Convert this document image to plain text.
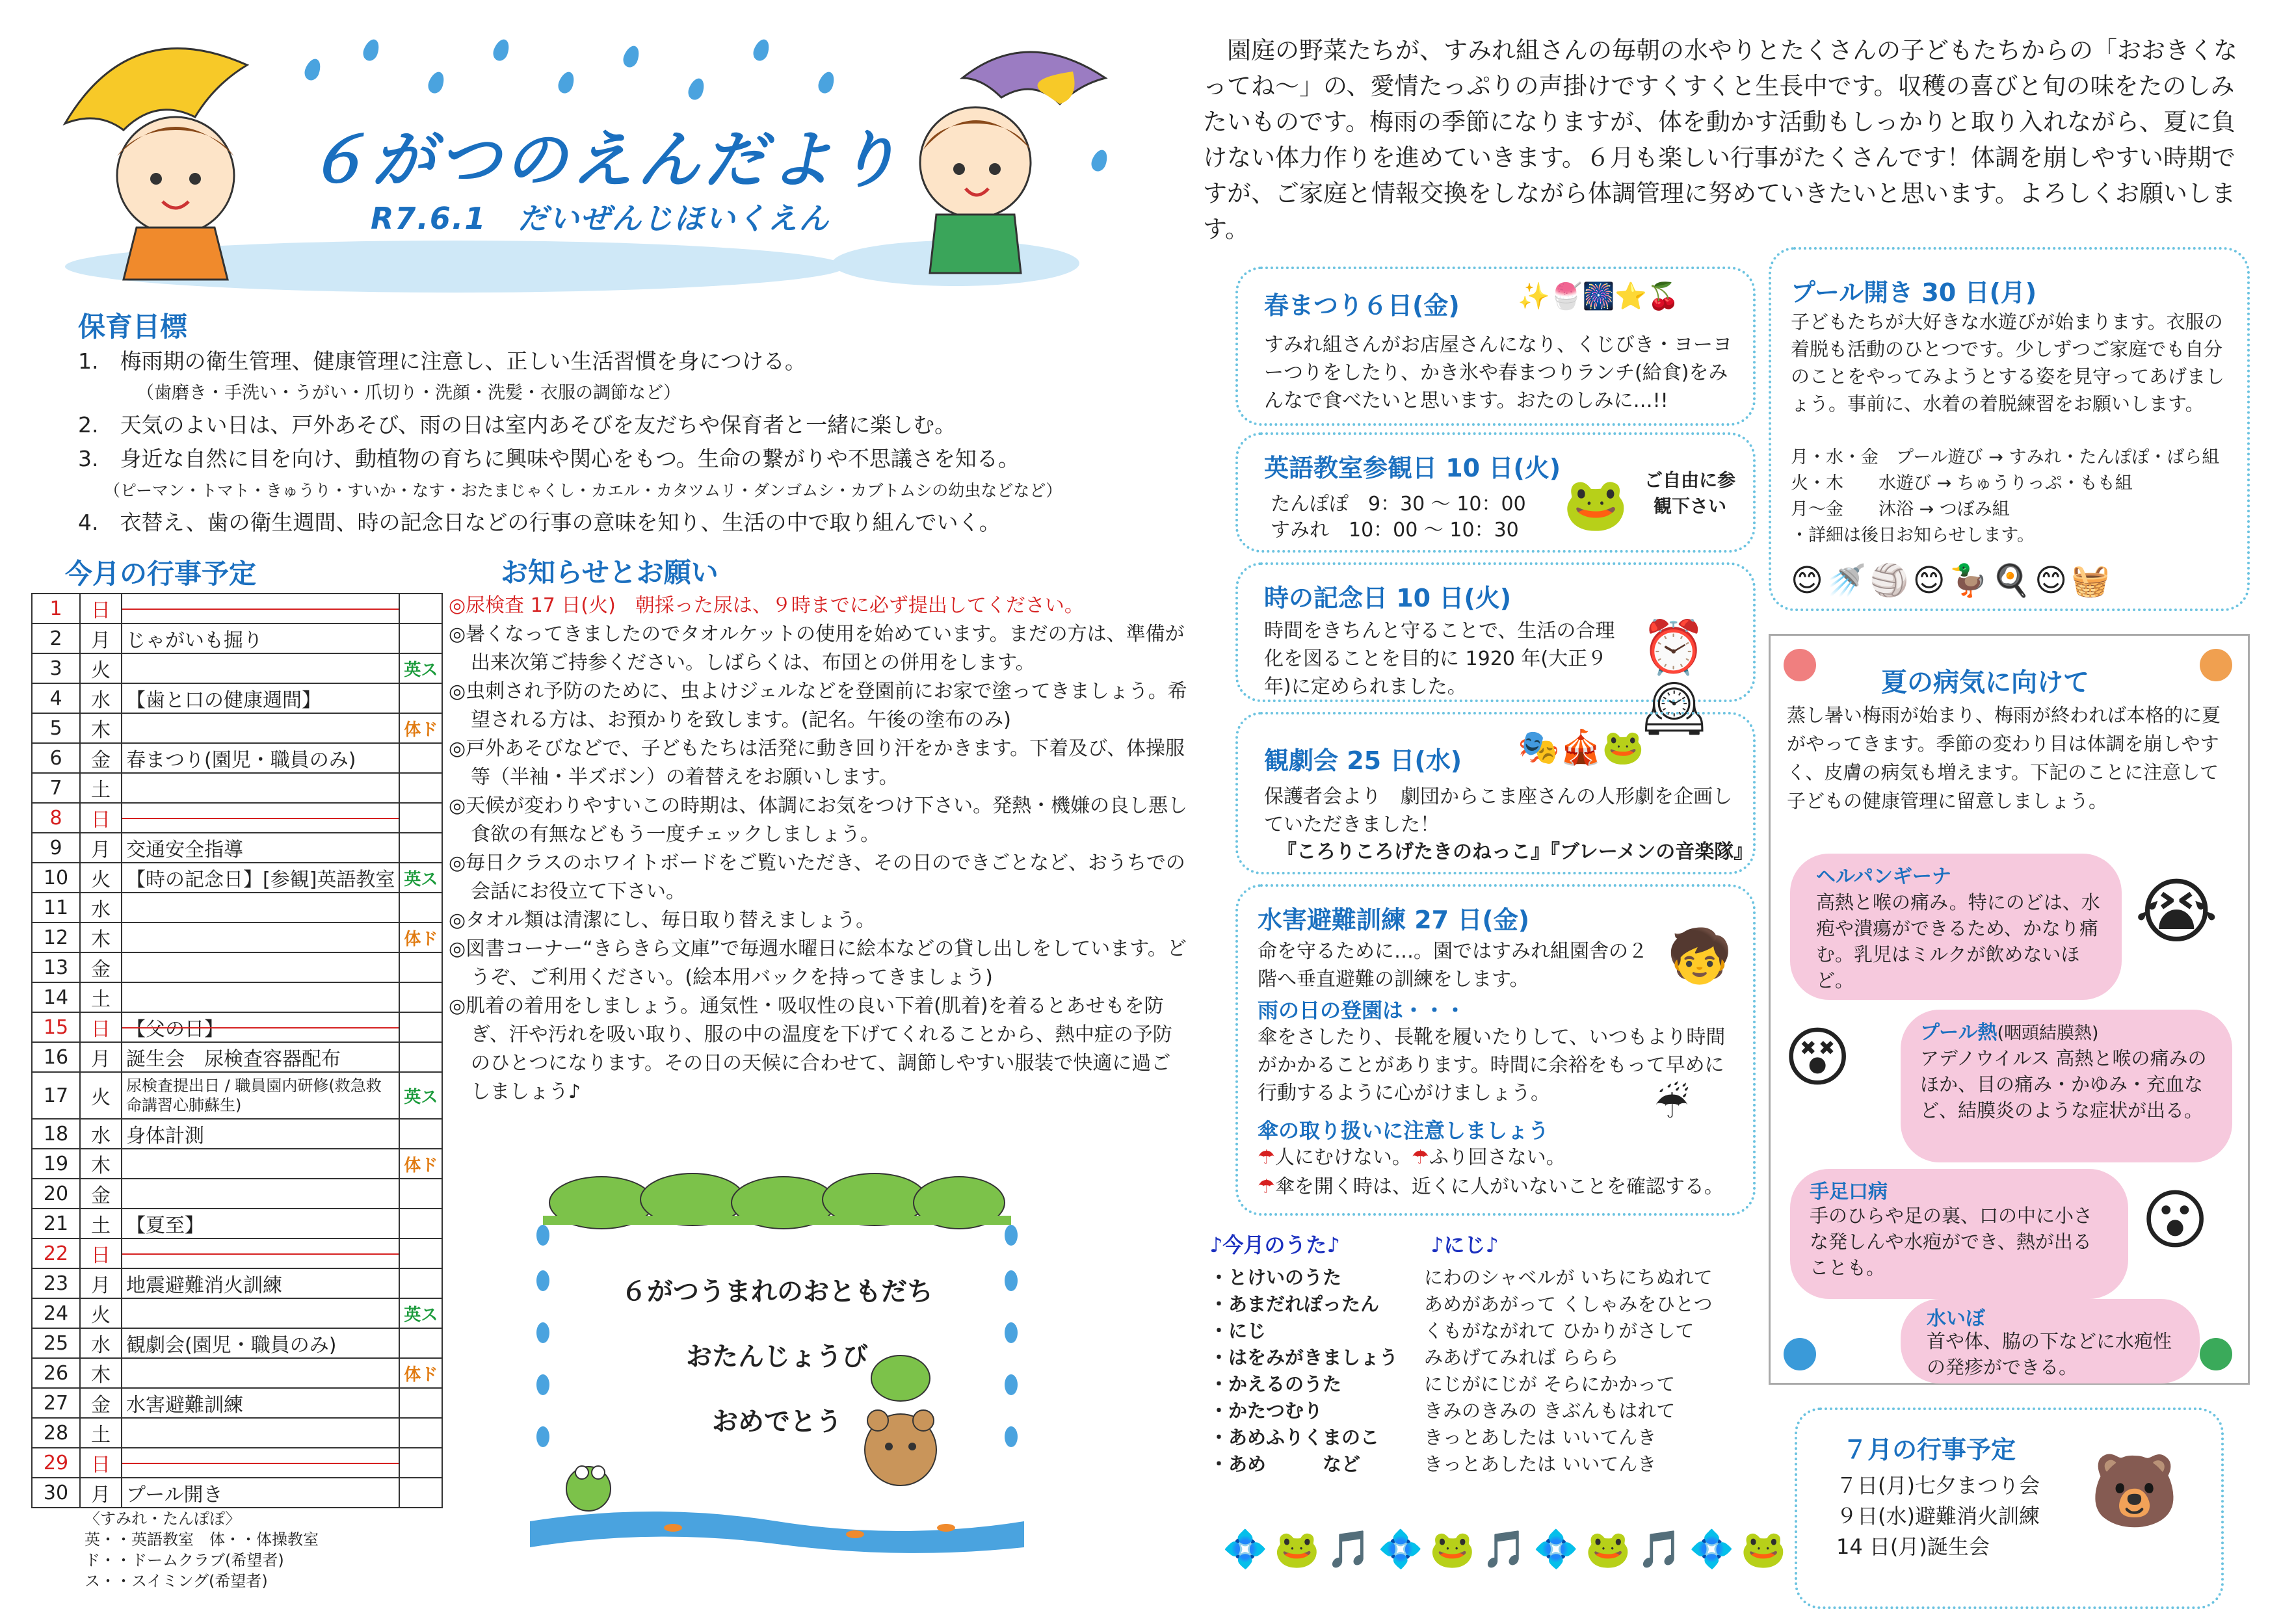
６がつのえんだより
R7.6.1　だいぜんじほいくえん
保育目標
1.　梅雨期の衛生管理、健康管理に注意し、正しい生活習慣を身につける。
（歯磨き・手洗い・うがい・爪切り・洗顔・洗髪・衣服の調節など）
2.　天気のよい日は、戸外あそび、雨の日は室内あそびを友だちや保育者と一緒に楽しむ。
3.　身近な自然に目を向け、動植物の育ちに興味や関心をもつ。生命の繋がりや不思議さを知る。
（ピーマン・トマト・きゅうり・すいか・なす・おたまじゃくし・カエル・カタツムリ・ダンゴムシ・カブトムシの幼虫などなど）
4.　衣替え、歯の衛生週間、時の記念日などの行事の意味を知り、生活の中で取り組んでいく。
今月の行事予定
1	日		
2	月	じゃがいも掘り	
3	火		英ス
4	水	【歯と口の健康週間】	
5	木		体ド
6	金	春まつり(園児・職員のみ)	
7	土		
8	日		
9	月	交通安全指導	
10	火	【時の記念日】[参観]英語教室	英ス
11	水		
12	木		体ド
13	金		
14	土		
15	日	【父の日】	
16	月	誕生会　尿検査容器配布	
17	火	尿検査提出日 / 職員園内研修(救急救命講習心肺蘇生)	英ス
18	水	身体計測	
19	木		体ド
20	金		
21	土	【夏至】	
22	日		
23	月	地震避難消火訓練	
24	火		英ス
25	水	観劇会(園児・職員のみ)	
26	木		体ド
27	金	水害避難訓練	
28	土		
29	日		
30	月	プール開き	
〈すみれ・たんぽぽ〉
英・・英語教室　体・・体操教室
ド・・ドームクラブ(希望者)
ス・・スイミング(希望者)
お知らせとお願い

◎尿検査 17 日(火)　朝採った尿は、９時までに必ず提出してください。

◎暑くなってきましたのでタオルケットの使用を始めています。まだの方は、準備が出来次第ご持参ください。しばらくは、布団との併用をします。

◎虫刺され予防のために、虫よけジェルなどを登園前にお家で塗ってきましょう。希望される方は、お預かりを致します。(記名。午後の塗布のみ)

◎戸外あそびなどで、子どもたちは活発に動き回り汗をかきます。下着及び、体操服等（半袖・半ズボン）の着替えをお願いします。

◎天候が変わりやすいこの時期は、体調にお気をつけ下さい。発熱・機嫌の良し悪し食欲の有無などもう一度チェックしましょう。

◎毎日クラスのホワイトボードをご覧いただき、その日のできごとなど、おうちでの会話にお役立て下さい。

◎タオル類は清潔にし、毎日取り替えましょう。

◎図書コーナー“きらきら文庫”で毎週水曜日に絵本などの貸し出しをしています。どうぞ、ご利用ください。(絵本用バックを持ってきましょう)

◎肌着の着用をしましょう。通気性・吸収性の良い下着(肌着)を着るとあせもを防ぎ、汗や汚れを吸い取り、服の中の温度を下げてくれることから、熱中症の予防のひとつになります。その日の天候に合わせて、調節しやすい服装で快適に過ごしましょう♪

６がつうまれのおともだち
おたんじょうび
おめでとう
　園庭の野菜たちが、すみれ組さんの毎朝の水やりとたくさんの子どもたちからの「おおきくなってね〜」の、愛情たっぷりの声掛けですくすくと生長中です。収穫の喜びと旬の味をたのしみたいものです。梅雨の季節になりますが、体を動かす活動もしっかりと取り入れながら、夏に負けない体力作りを進めていきます。６月も楽しい行事がたくさんです！体調を崩しやすい時期ですが、ご家庭と情報交換をしながら体調管理に努めていきたいと思います。よろしくお願いします。
春まつり６日(金) ✨🍧🎆⭐🍒
すみれ組さんがお店屋さんになり、くじびき・ヨーヨーつりをしたり、かき氷や春まつりランチ(給食)をみんなで食べたいと思います。おたのしみに…!!
英語教室参観日 10 日(火)
たんぽぽ　9：30 〜 10：00
すみれ　10：00 〜 10：30 🐸 ご自由に参観下さい
時の記念日 10 日(火)
時間をきちんと守ることで、生活の合理化を図ることを目的に 1920 年(大正９年)に定められました。
⏰🕰
観劇会 25 日(水) 🎭🎪🐸
保護者会より　劇団からこま座さんの人形劇を企画していただきました！
『ころりころげたきのねっこ』『ブレーメンの音楽隊』
水害避難訓練 27 日(金)
命を守るために…。園ではすみれ組園舎の２階へ垂直避難の訓練をします。	🧒
雨の日の登園は・・・
傘をさしたり、長靴を履いたりして、いつもより時間がかかることがあります。時間に余裕をもって早めに行動するように心がけましょう。
傘の取り扱いに注意しましょう
☔
☂人にむけない。☂ふり回さない。
☂傘を開く時は、近くに人がいないことを確認する。
プール開き 30 日(月)
子どもたちが大好きな水遊びが始まります。衣服の着脱も活動のひとつです。少しずつご家庭でも自分のことをやってみようとする姿を見守ってあげましょう。事前に、水着の着脱練習をお願いします。
月・水・金　プール遊び → すみれ・たんぽぽ・ばら組
火・木　　水遊び → ちゅうりっぷ・もも組
月〜金　　沐浴 → つぼみ組
・詳細は後日お知らせします。
😊🚿🏐😊🦆🍳😊🧺
夏の病気に向けて
蒸し暑い梅雨が始まり、梅雨が終われば本格的に夏がやってきます。季節の変わり目は体調を崩しやすく、皮膚の病気も増えます。下記のことに注意して子どもの健康管理に留意しましょう。
ヘルパンギーナ
高熱と喉の痛み。特にのどは、水疱や潰瘍ができるため、かなり痛む。乳児はミルクが飲めないほど。
😭
😵	プール熱(咽頭結膜熱)
アデノウイルス 高熱と喉の痛みのほか、目の痛み・かゆみ・充血など、結膜炎のような症状が出る。
手足口病
手のひらや足の裏、口の中に小さな発しんや水疱ができ、熱が出ることも。
😮
水いぼ
首や体、脇の下などに水疱性の発疹ができる。
♪今月のうた♪
・とけいのうた
・あまだれぽったん
・にじ
・はをみがきましょう
・かえるのうた
・かたつむり
・あめふりくまのこ
・あめ　　　など
♪にじ♪
にわのシャベルが いちにちぬれて
あめがあがって くしゃみをひとつ
くもがながれて ひかりがさして
みあげてみれば ららら
にじがにじが そらにかかって
きみのきみの きぶんもはれて
きっとあしたは いいてんき
きっとあしたは いいてんき
💠🐸🎵💠🐸🎵💠🐸🎵💠🐸
７月の行事予定
７日(月)七夕まつり会
９日(水)避難消火訓練
14 日(月)誕生会
🐻
